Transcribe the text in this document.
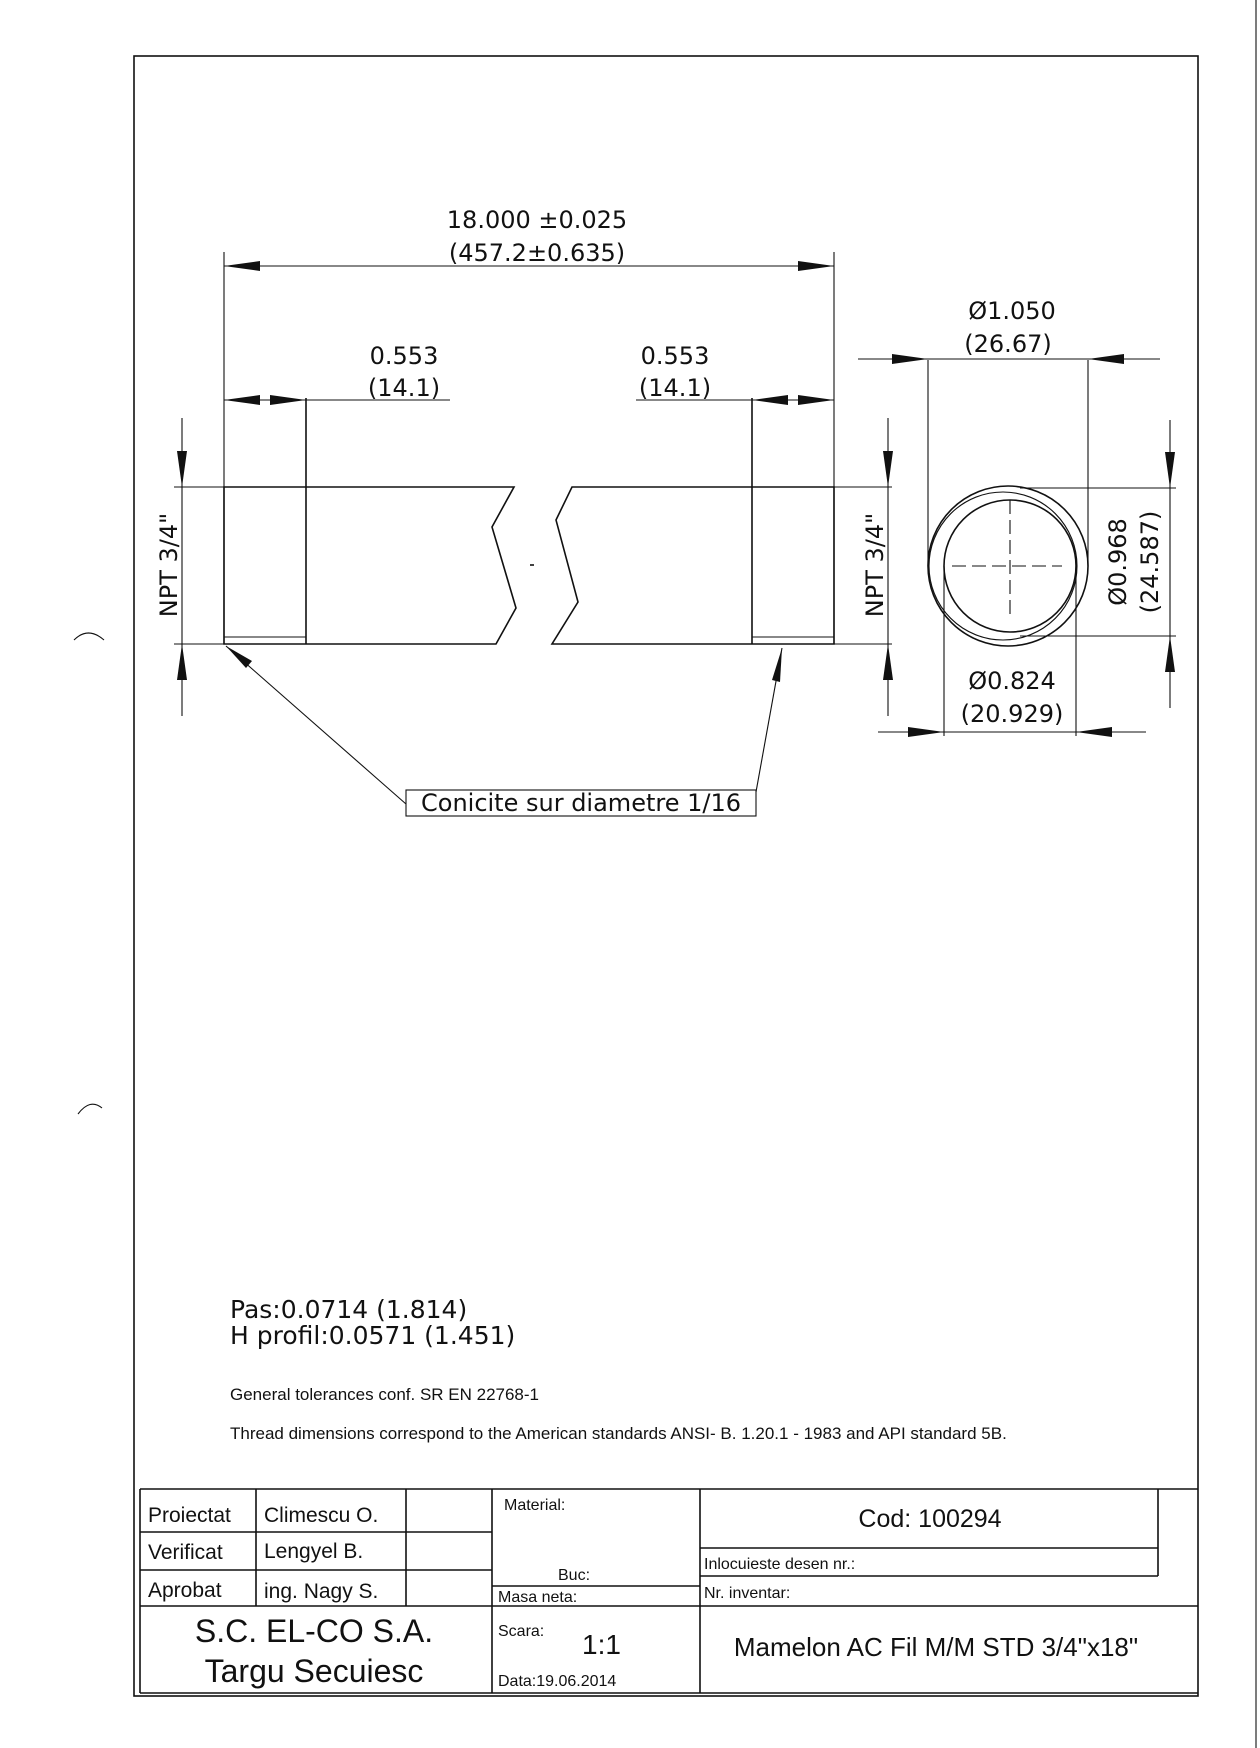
18.000 ±0.025
(457.2±0.635)
0.553
(14.1)
0.553
(14.1)
NPT 3/4"	NPT 3/4"
Conicite sur diametre 1/16
Ø1.050
(26.67)
Ø0.968 (24.587)
Ø0.824
(20.929)
Pas:0.0714 (1.814)
H profil:0.0571 (1.451)
General tolerances conf. SR EN 22768-1
Thread dimensions correspond to the American standards ANSI- B. 1.20.1 - 1983 and API standard 5B.
Proiectat Climescu O.
Verificat Lengyel B.
Aprobat ing. Nagy S.
Material:
Buc:
Masa neta:
Cod: 100294
Inlocuieste desen nr.:
Nr. inventar:
S.C. EL-CO S.A.
Targu Secuiesc
Scara: 1:1
Data:19.06.2014
Mamelon AC Fil M/M STD 3/4"x18"
